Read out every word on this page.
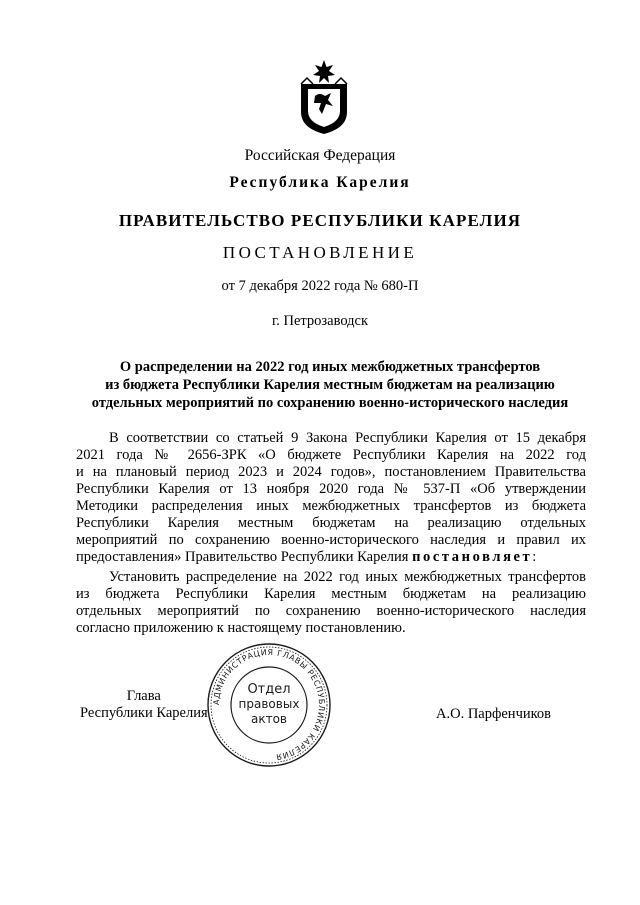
Российская Федерация
Республика Карелия
ПРАВИТЕЛЬСТВО РЕСПУБЛИКИ КАРЕЛИЯ
ПОСТАНОВЛЕНИЕ
от 7 декабря 2022 года № 680-П
г. Петрозаводск
О распределении на 2022 год иных межбюджетных трансфертов
из бюджета Республики Карелия местным бюджетам на реализацию
отдельных мероприятий по сохранению военно-исторического наследия
В соответствии со статьей 9 Закона Республики Карелия от 15 декабря
2021 года № 2656-ЗРК «О бюджете Республики Карелия на 2022 год
и на плановый период 2023 и 2024 годов», постановлением Правительства
Республики Карелия от 13 ноября 2020 года № 537-П «Об утверждении
Методики распределения иных межбюджетных трансфертов из бюджета
Республики Карелия местным бюджетам на реализацию отдельных
мероприятий по сохранению военно-исторического наследия и правил их
предоставления» Правительство Республики Карелия постановляет:
Установить распределение на 2022 год иных межбюджетных трансфертов
из бюджета Республики Карелия местным бюджетам на реализацию
отдельных мероприятий по сохранению военно-исторического наследия
согласно приложению к настоящему постановлению.
Глава
Республики Карелия	А.О. Парфенчиков
АДМИНИСТРАЦИЯ ГЛАВЫ РЕСПУБЛИКИ КАРЕЛИЯ
Отдел
правовых
актов
